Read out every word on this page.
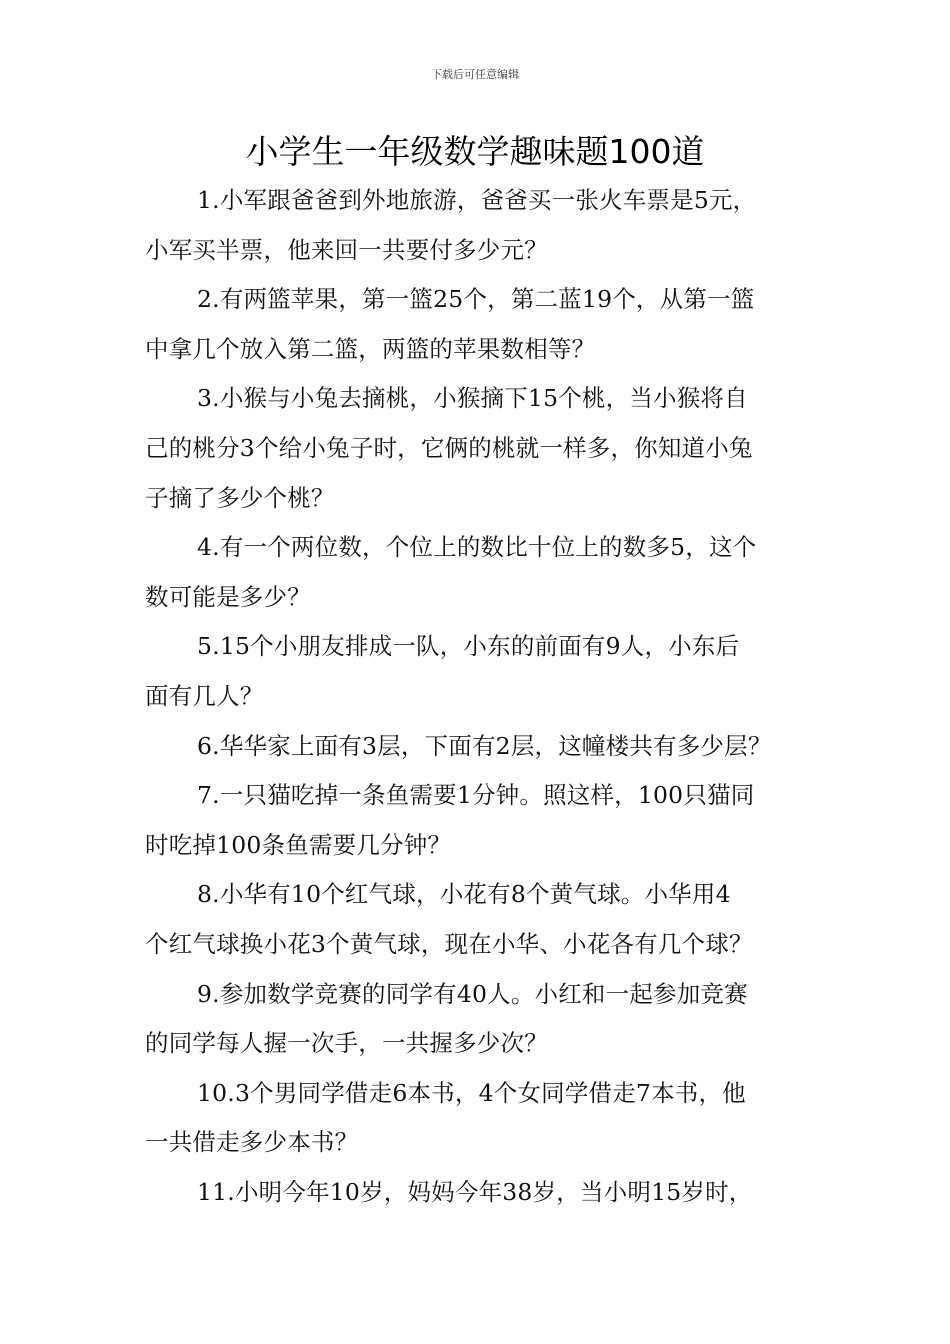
下载后可任意编辑
小学生一年级数学趣味题100道
1.小军跟爸爸到外地旅游，爸爸买一张火车票是5元，
小军买半票，他来回一共要付多少元？
2.有两篮苹果，第一篮25个，第二蓝19个，从第一篮
中拿几个放入第二篮，两篮的苹果数相等？
3.小猴与小兔去摘桃，小猴摘下15个桃，当小猴将自
己的桃分3个给小兔子时，它俩的桃就一样多，你知道小兔
子摘了多少个桃？
4.有一个两位数，个位上的数比十位上的数多5，这个
数可能是多少？
5.15个小朋友排成一队，小东的前面有9人，小东后
面有几人？
6.华华家上面有3层，下面有2层，这幢楼共有多少层？
7.一只猫吃掉一条鱼需要1分钟。照这样，100只猫同
时吃掉100条鱼需要几分钟？
8.小华有10个红气球，小花有8个黄气球。小华用4
个红气球换小花3个黄气球，现在小华、小花各有几个球？
9.参加数学竞赛的同学有40人。小红和一起参加竞赛
的同学每人握一次手，一共握多少次？
10.3个男同学借走6本书，4个女同学借走7本书，他
一共借走多少本书？
11.小明今年10岁，妈妈今年38岁，当小明15岁时，
